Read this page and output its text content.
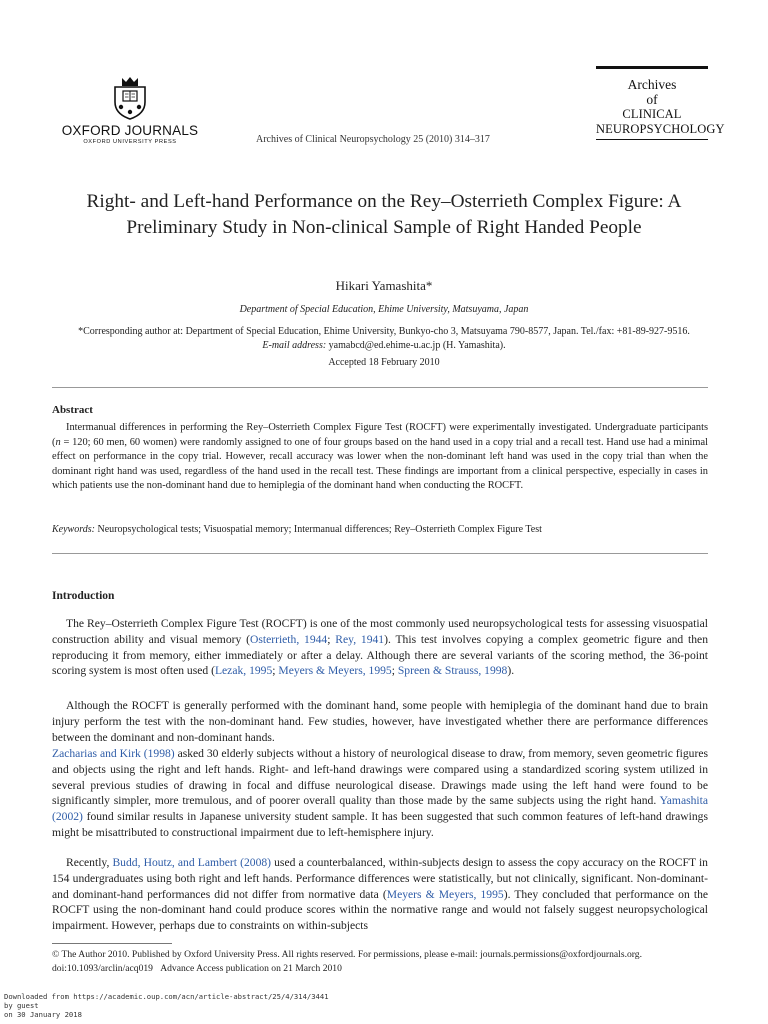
OXFORD JOURNALS
OXFORD UNIVERSITY PRESS	Archives of Clinical Neuropsychology 25 (2010) 314–317
Archives
of
CLINICAL
NEUROPSYCHOLOGY
Right- and Left-hand Performance on the Rey–Osterrieth Complex Figure: A Preliminary Study in Non-clinical Sample of Right Handed People
Hikari Yamashita*
Department of Special Education, Ehime University, Matsuyama, Japan
*Corresponding author at: Department of Special Education, Ehime University, Bunkyo-cho 3, Matsuyama 790-8577, Japan. Tel./fax: +81-89-927-9516.
E-mail address: yamabcd@ed.ehime-u.ac.jp (H. Yamashita).
Accepted 18 February 2010
Abstract
Intermanual differences in performing the Rey–Osterrieth Complex Figure Test (ROCFT) were experimentally investigated. Undergraduate participants (n = 120; 60 men, 60 women) were randomly assigned to one of four groups based on the hand used in a copy trial and a recall test. Hand use had a minimal effect on performance in the copy trial. However, recall accuracy was lower when the non-dominant left hand was used in the copy trial than when the dominant right hand was used, regardless of the hand used in the recall test. These findings are important from a clinical perspective, especially in cases in which patients use the non-dominant hand due to hemiplegia of the dominant hand when conducting the ROCFT.
Keywords: Neuropsychological tests; Visuospatial memory; Intermanual differences; Rey–Osterrieth Complex Figure Test
Introduction
The Rey–Osterrieth Complex Figure Test (ROCFT) is one of the most commonly used neuropsychological tests for assessing visuospatial construction ability and visual memory (Osterrieth, 1944; Rey, 1941). This test involves copying a complex geometric figure and then reproducing it from memory, either immediately or after a delay. Although there are several variants of the scoring method, the 36-point scoring system is most often used (Lezak, 1995; Meyers & Meyers, 1995; Spreen & Strauss, 1998).
Although the ROCFT is generally performed with the dominant hand, some people with hemiplegia of the dominant hand due to brain injury perform the test with the non-dominant hand. Few studies, however, have investigated whether there are performance differences between the dominant and non-dominant hands.
Zacharias and Kirk (1998) asked 30 elderly subjects without a history of neurological disease to draw, from memory, seven geometric figures and objects using the right and left hands. Right- and left-hand drawings were compared using a standardized scoring system utilized in several previous studies of drawing in focal and diffuse neurological disease. Drawings made using the left hand were found to be significantly simpler, more tremulous, and of poorer overall quality than those made by the same subjects using the right hand. Yamashita (2002) found similar results in Japanese university student sample. It has been suggested that such common features of left-hand drawings might be misattributed to constructional impairment due to left-hemisphere injury.
Recently, Budd, Houtz, and Lambert (2008) used a counterbalanced, within-subjects design to assess the copy accuracy on the ROCFT in 154 undergraduates using both right and left hands. Performance differences were statistically, but not clinically, significant. Non-dominant- and dominant-hand performances did not differ from normative data (Meyers & Meyers, 1995). They concluded that performance on the ROCFT using the non-dominant hand could produce scores within the normative range and would not falsely suggest neuropsychological impairment. However, perhaps due to constraints on within-subjects
© The Author 2010. Published by Oxford University Press. All rights reserved. For permissions, please e-mail: journals.permissions@oxfordjournals.org.
doi:10.1093/arclin/acq019 Advance Access publication on 21 March 2010
Downloaded from https://academic.oup.com/acn/article-abstract/25/4/314/3441
by guest
on 30 January 2018
